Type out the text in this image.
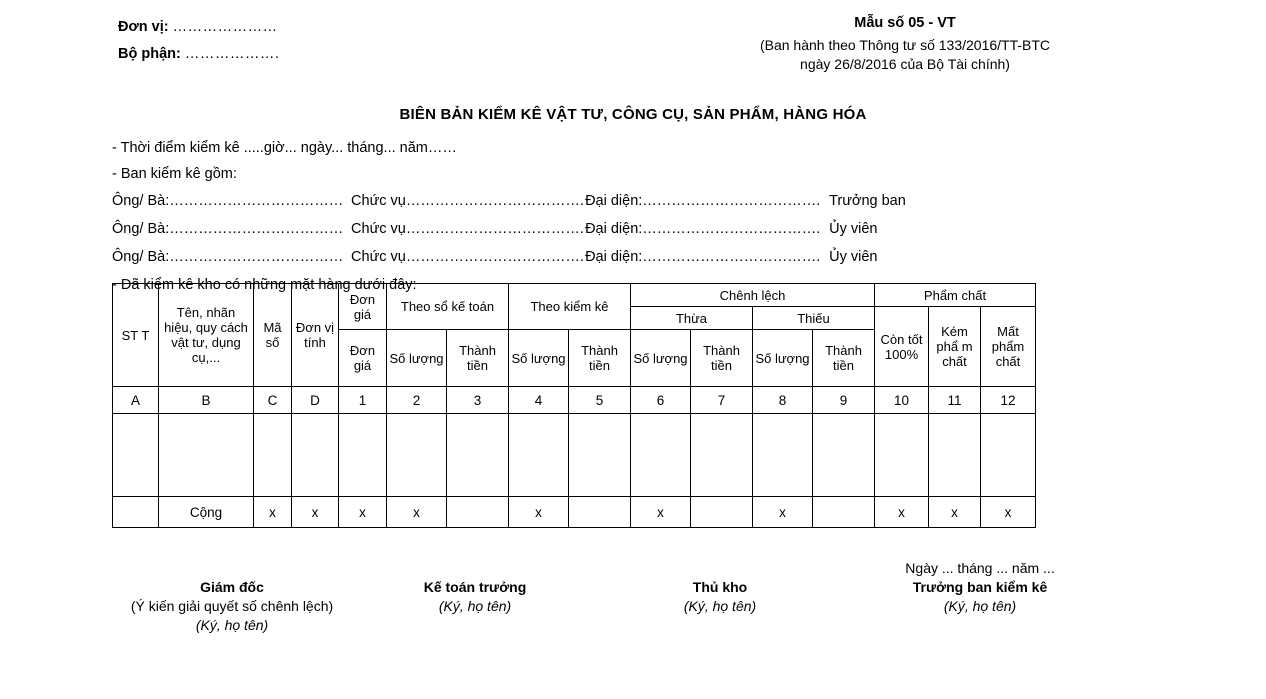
Đơn vị: …………………
Bộ phận: ……………….
Mẫu số 05 - VT
(Ban hành theo Thông tư số 133/2016/TT-BTC
ngày 26/8/2016 của Bộ Tài chính)
BIÊN BẢN KIỂM KÊ VẬT TƯ, CÔNG CỤ, SẢN PHẨM, HÀNG HÓA
- Thời điểm kiểm kê .....giờ... ngày... tháng... năm……
- Ban kiểm kê gồm:
Ông/ Bà:……………………………… Chức vụ………………………………. Đại diện:………………………………. Trưởng ban
Ông/ Bà:……………………………… Chức vụ………………………………. Đại diện:………………………………. Ủy viên
Ông/ Bà:……………………………… Chức vụ………………………………. Đại diện:………………………………. Ủy viên
- Đã kiểm kê kho có những mặt hàng dưới đây:
ST T	Tên, nhãn hiệu, quy cách vật tư, dụng cụ,...	Mã số	Đơn vị tính	Đơn giá	Theo sổ kế toán		Theo kiểm kê		Chênh lệch				Phẩm chất		
									Thừa		Thiếu		Còn tốt 100%	Kém phẩ m chất	Mất phẩm chất
				Đơn giá	Số lượng	Thành tiền	Số lượng	Thành tiền	Số lượng	Thành tiền	Số lượng	Thành tiền			
A	B	C	D	1	2	3	4	5	6	7	8	9	10	11	12

	Cộng	x	x	x	x		x		x		x		x	x	x
Giám đốc
(Ý kiến giải quyết số chênh lệch)
(Ký, họ tên)
Kế toán trưởng
(Ký, họ tên)
Thủ kho
(Ký, họ tên)
Ngày ... tháng ... năm ...
Trưởng ban kiểm kê
(Ký, họ tên)
